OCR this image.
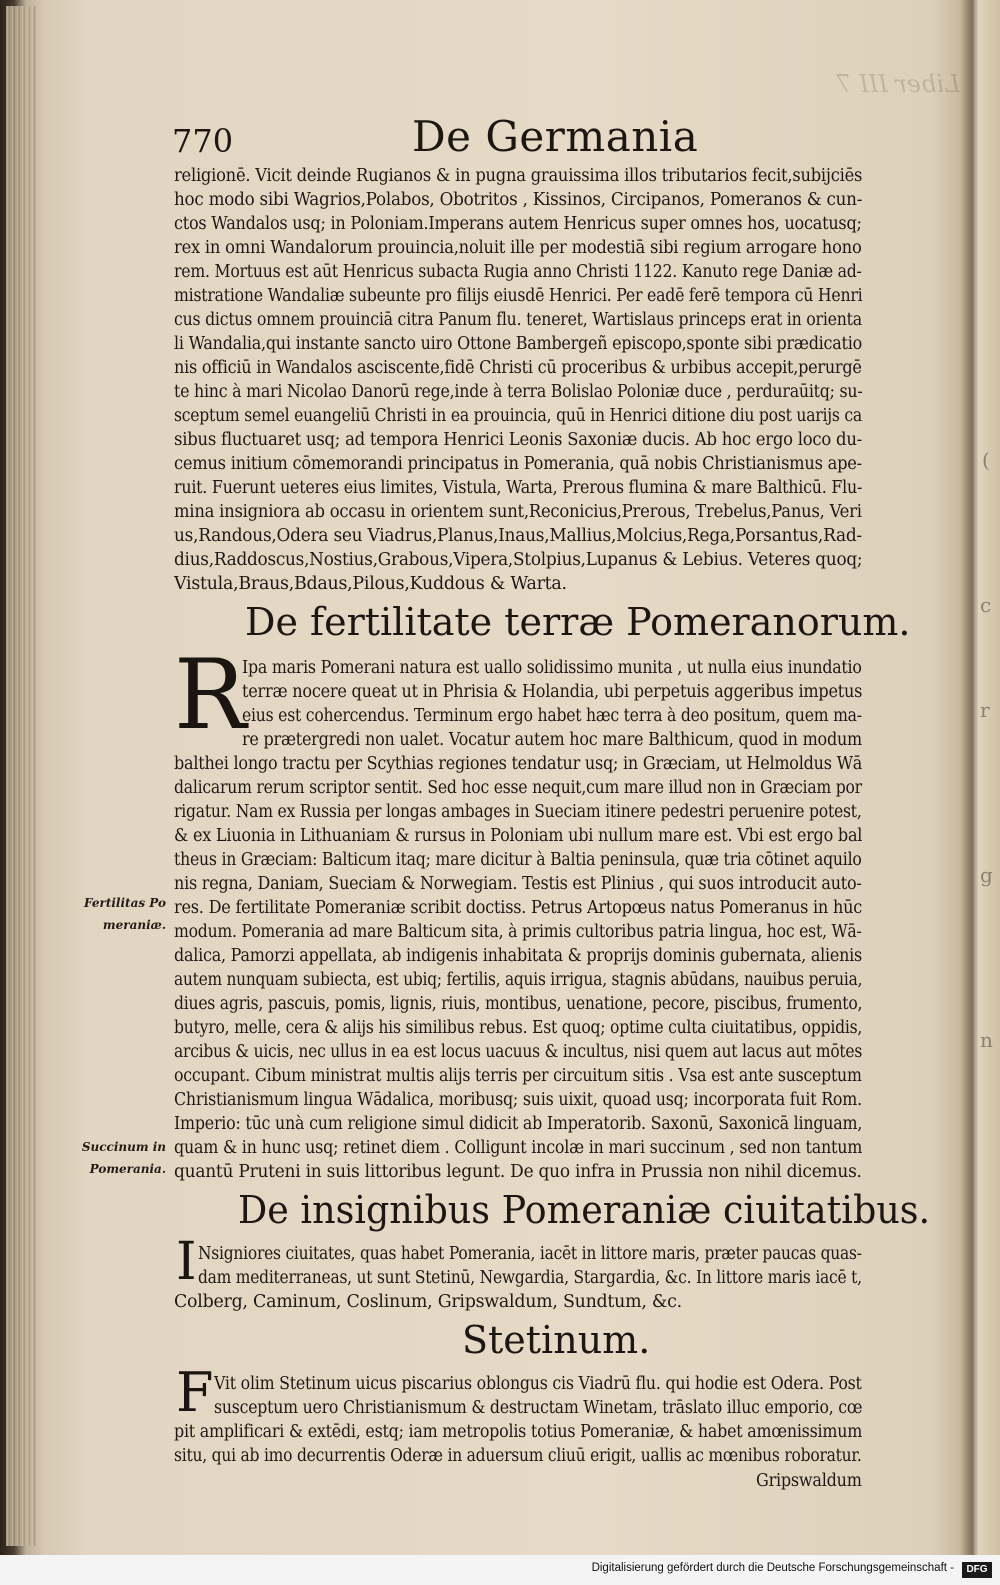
Liber III 7
(
c
r
g
n
770	De Germania
religionē. Vicit deinde Rugianos & in pugna grauissima illos tributarios fecit,subijciēs
hoc modo sibi Wagrios,Polabos, Obotritos , Kissinos, Circipanos, Pomeranos & cun-
ctos Wandalos usq; in Poloniam.Imperans autem Henricus super omnes hos, uocatusq;
rex in omni Wandalorum prouincia,noluit ille per modestiā sibi regium arrogare hono
rem. Mortuus est aūt Henricus subacta Rugia anno Christi 1122. Kanuto rege Daniæ ad-
mistratione Wandaliæ subeunte pro filijs eiusdē Henrici. Per eadē ferē tempora cū Henri
cus dictus omnem prouinciā citra Panum flu. teneret, Wartislaus princeps erat in orienta
li Wandalia,qui instante sancto uiro Ottone Bambergeñ episcopo,sponte sibi prædicatio
nis officiū in Wandalos ascisce​nte,fidē Christi cū proceribus & urbibus accepit,perurgē
te hinc à mari Nicolao Danorū rege,inde à terra Bolislao Poloniæ duce , perduraūitq; su-
sceptum semel euangeliū Christi in ea prouincia, quū in Henrici ditione diu post uarijs ca
sibus fluctuaret usq; ad tempora Henrici Leonis Saxoniæ ducis. Ab hoc ergo loco du-
cemus initium cōmemorandi principatus in Pomerania, quā nobis Christianismus ape-
ruit. Fuerunt ueteres eius limites, Vistula, Warta, Prerous flumina & mare Balthicū. Flu-
mina insigniora ab occasu in orientem sunt,Reconicius,Prerous, Trebelus,Panus, Veri
us,Randous,Odera seu Viadrus,Planus,Inaus,Mallius,Molcius,Rega,Porsantus,Rad-
dius,Raddoscus,Nostius,Grabous,Vipera,Stolpius,Lupanus & Lebius. Veteres quoq;
Vistula,Braus,Bdaus,Pilous,Kuddous & Warta.
De fertilitate terræ Pomeranorum.
R
Ipa maris Pomerani natura est uallo solidissimo munita , ut nulla eius inundatio
terræ nocere queat ut in Phrisia & Holandia, ubi perpetuis aggeribus impetus
eius est cohercendus. Terminum ergo habet hæc terra à deo positum, quem ma-
re prætergredi non ualet. Vocatur autem hoc mare Balthicum, quod in modum
balthei longo tractu per Scythias regiones tendatur usq; in Græciam, ut Helmoldus Wā
dalicarum rerum scriptor sentit. Sed hoc esse nequit,cum mare illud non in Græciam por
rigatur. Nam ex Russia per longas ambages in Sueciam itinere pedestri peruenire potest,
& ex Liuonia in Lithuaniam & rursus in Poloniam ubi nullum mare est. Vbi est ergo bal
theus in Græciam: Balticum itaq; mare dicitur à Baltia peninsula, quæ tria cōtinet aquilo
nis regna, Daniam, Sueciam & Norwegiam. Testis est Plinius , qui suos introducit auto-
res. De fertilitate Pomeraniæ scribit doctiss. Petrus Artopœus natus Pomeranus in hūc
modum. Pomerania ad mare Balticum sita, à primis cultoribus patria lingua, hoc est, Wā-
dalica, Pamorzi appellata, ab indigenis inhabitata & proprijs dominis gubernata, alienis
autem nunquam subiecta, est ubiq; fertilis, aquis irrigua, stagnis abūdans, nauibus peruia,
diues agris, pascuis, pomis, lignis, riuis, montibus, uenatione, pecore, piscibus, frumento,
butyro, melle, cera & alijs his similibus rebus. Est quoq; optime culta ciuitatibus, oppidis,
arcibus & uicis, nec ullus in ea est locus uacuus & incultus, nisi quem aut lacus aut mōtes
occupant. Cibum ministrat multis alijs terris per circuitum sitis . Vsa est ante susceptum
Christianismum lingua Wādalica, moribusq; suis uixit, quoad usq; incorporata fuit Rom.
Imperio: tūc unà cum religione simul didicit ab Imperatorib. Saxonū, Saxonicā linguam,
quam & in hunc usq; retinet diem . Colligunt incolæ in mari succinum , sed non tantum
quantū Pruteni in suis littoribus legunt. De quo infra in Prussia non nihil dicemus.
Fertilitas Po
meraniæ.
Succinum in
Pomerania.
De insignibus Pomeraniæ ciuitatibus.
I Nsigniores ciuitates, quas habet Pomerania, iacēt in littore maris, præter paucas quas-
dam mediterraneas, ut sunt Stetinū, Newgardia, Stargardia, &c. In littore maris iacē t,
Colberg, Caminum, Coslinum, Gripswaldum, Sundtum, &c.
Stetinum.
F Vit olim Stetinum uicus piscarius oblongus cis Viadrū flu. qui hodie est Odera. Post
susceptum uero Christianismum & destructam Winetam, trāslato illuc emporio, cœ
pit amplificari & extēdi, estq; iam metropolis totius Pomeraniæ, & habet amœnissimum
situ, qui ab imo decurrentis Oderæ in aduersum cliuū erigit, uallis ac mœnibus roboratur.
Gripswaldum
Digitalisierung gefördert durch die Deutsche Forschungsgemeinschaft -	DFG
